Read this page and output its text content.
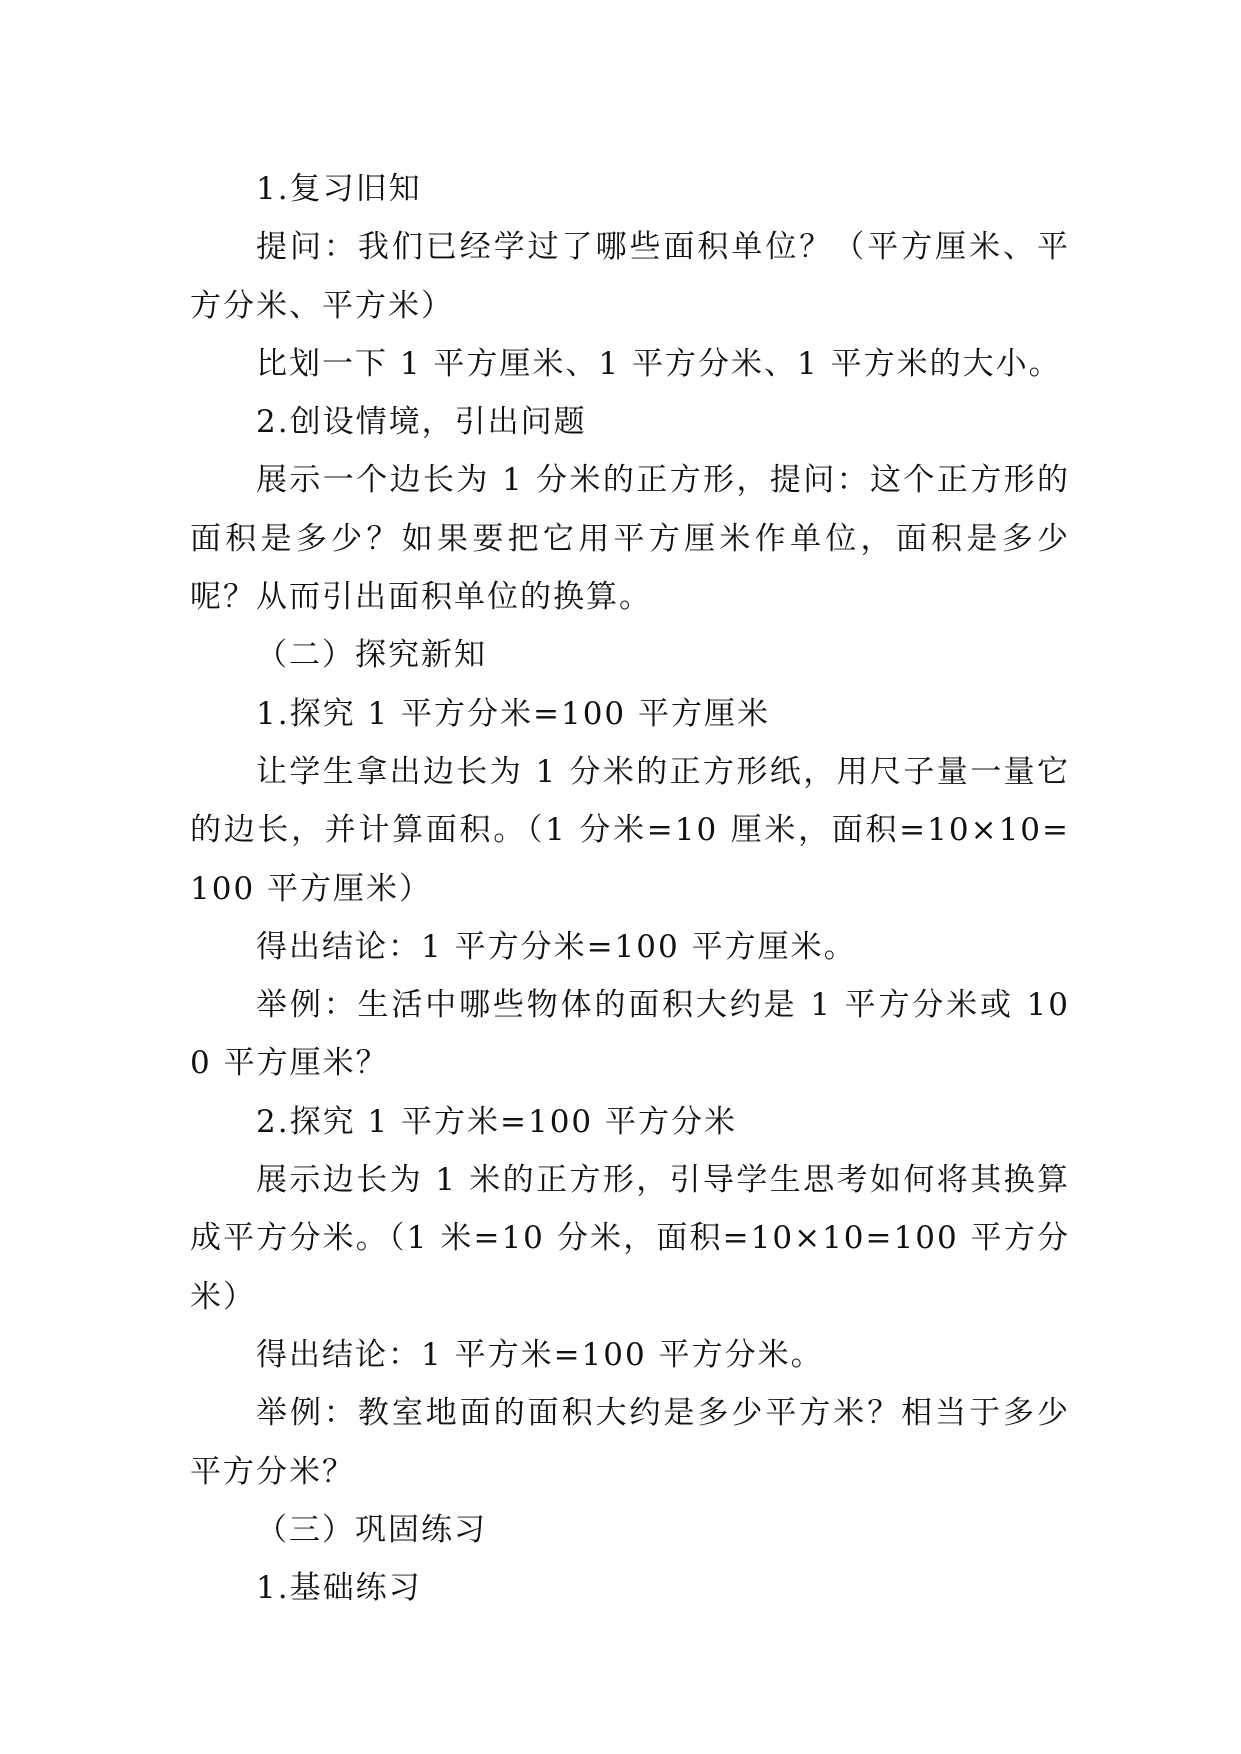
1.复习旧知

提问：我们已经学过了哪些面积单位？（平方厘米、平方分米、平方米）

比划一下 1 平方厘米、1 平方分米、1 平方米的大小。

2.创设情境，引出问题

展示一个边长为 1 分米的正方形，提问：这个正方形的面积是多少？如果要把它用平方厘米作单位，面积是多少呢？从而引出面积单位的换算。

（二）探究新知

1.探究 1 平方分米=100 平方厘米

让学生拿出边长为 1 分米的正方形纸，用尺子量一量它的边长，并计算面积。（1 分米=10 厘米，面积=10×10=100 平方厘米）

得出结论：1 平方分米=100 平方厘米。

举例：生活中哪些物体的面积大约是 1 平方分米或 100 平方厘米？

2.探究 1 平方米=100 平方分米

展示边长为 1 米的正方形，引导学生思考如何将其换算成平方分米。（1 米=10 分米，面积=10×10=100 平方分米）

得出结论：1 平方米=100 平方分米。

举例：教室地面的面积大约是多少平方米？相当于多少平方分米？

（三）巩固练习

1.基础练习
